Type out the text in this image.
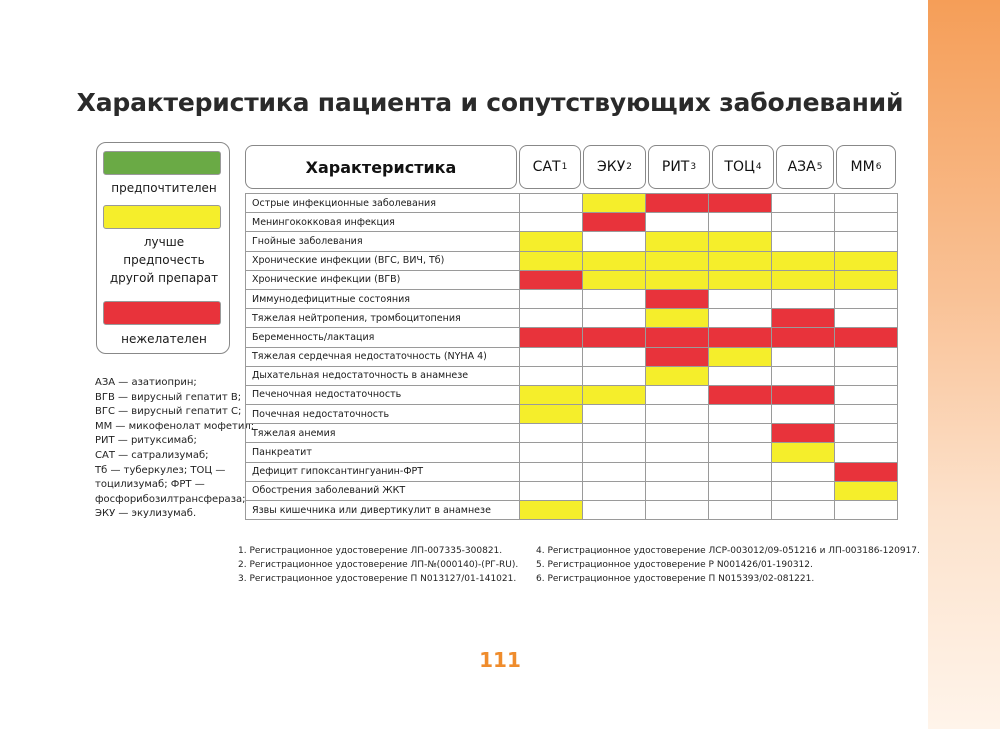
Характеристика пациента и сопутствующих заболеваний
предпочтителен
лучше
предпочесть
другой препарат
нежелателен
АЗА — азатиоприн;
ВГВ — вирусный гепатит В;
ВГС — вирусный гепатит С;
ММ — микофенолат мофетил;
РИТ — ритуксимаб;
САТ — сатрализумаб;
Тб — туберкулез; ТОЦ —
тоцилизумаб; ФРТ —
фосфорибозилтрансфераза;
ЭКУ — экулизумаб.
Характеристика	САТ 1 ЭКУ 2 РИТ 3 ТОЦ 4 АЗА 5 ММ 6
Острые инфекционные заболевания						
Менингококковая инфекция						
Гнойные заболевания						
Хронические инфекции (ВГС, ВИЧ, Тб)						
Хронические инфекции (ВГВ)						
Иммунодефицитные состояния						
Тяжелая нейтропения, тромбоцитопения						
Беременность/лактация						
Тяжелая сердечная недостаточность (NYHA 4)						
Дыхательная недостаточность в анамнезе						
Печеночная недостаточность						
Почечная недостаточность						
Тяжелая анемия						
Панкреатит						
Дефицит гипоксантингуанин-ФРТ						
Обострения заболеваний ЖКТ						
Язвы кишечника или дивертикулит в анамнезе						
1. Регистрационное удостоверение ЛП-007335-300821.
2. Регистрационное удостоверение ЛП-№(000140)-(РГ-RU).
3. Регистрационное удостоверение П N013127/01-141021.
4. Регистрационное удостоверение ЛСР-003012/09-051216 и ЛП-003186-120917.
5. Регистрационное удостоверение Р N001426/01-190312.
6. Регистрационное удостоверение П N015393/02-081221.
111
